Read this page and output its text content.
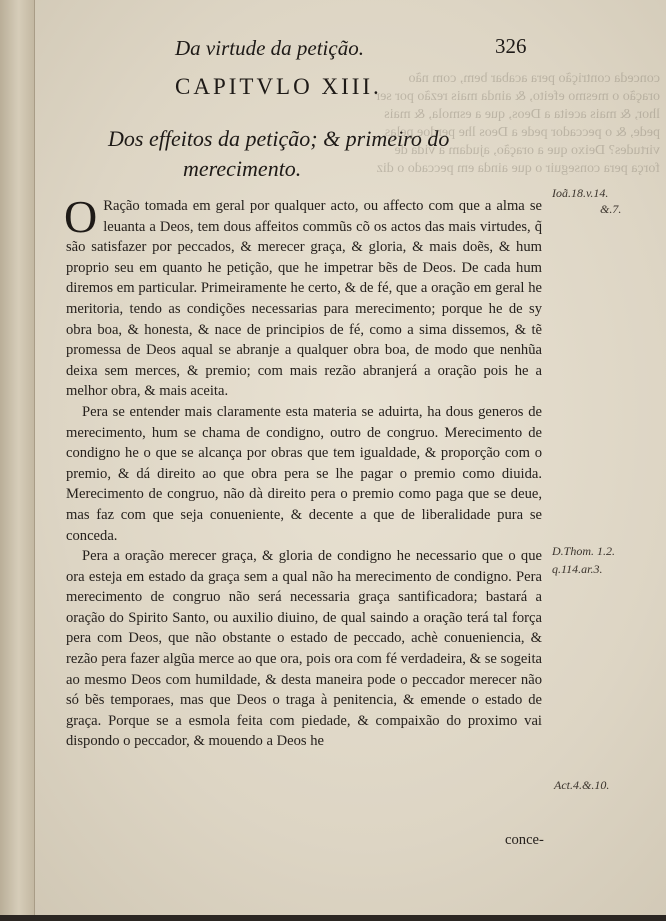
conceda contrição pera acabar bem, com não
oração o mesmo efeito, & ainda mais rezão por ser
lhor, & mais aceita a Deos, que a esmola, & mais
pede, & o peccador pede a Deos lhe perdoe pelas
virtudes? Deixo que a oração, ajudam a vida de
força pera conseguir o que ainda em peccado o diz
Da virtude da petição.	326
CAPITVLO XIII.
Dos effeitos da petição; & primeiro do
merecimento.

O Ração tomada em geral por qualquer acto, ou affecto com que a alma se leuanta a Deos, tem dous affeitos commũs cõ os actos das mais virtudes, q̃ são satisfazer por peccados, & merecer graça, & gloria, & mais doẽs, & hum proprio seu em quanto he petição, que he impetrar bẽs de Deos. De cada hum diremos em particular. Primeiramente he certo, & de fé, que a oração em geral he meritoria, tendo as condições necessarias para merecimento; porque he de sy obra boa, & honesta, & nace de principios de fé, como a sima dissemos, & tẽ promessa de Deos aqual se abranje a qualquer obra boa, de modo que nenhũa deixa sem merces, & premio; com mais rezão abranjerá a oração pois he a melhor obra, & mais aceita.

Pera se entender mais claramente esta materia se aduirta, ha dous generos de merecimento, hum se chama de condigno, outro de congruo. Merecimento de condigno he o que se alcança por obras que tem igualdade, & proporção com o premio, & dá direito ao que obra pera se lhe pagar o premio como diuida. Merecimento de congruo, não dà direito pera o premio como paga que se deue, mas faz com que seja conueniente, & decente a que de liberalidade pura se conceda.

Pera a oração merecer graça, & gloria de condigno he necessario que o que ora esteja em estado da graça sem a qual não ha merecimento de condigno. Pera merecimento de congruo não será necessaria graça santificadora; bastará a oração do Spirito Santo, ou auxilio diuino, de qual saindo a oração terá tal força pera com Deos, que não obstante o estado de peccado, achè conueniencia, & rezão pera fazer algũa merce ao que ora, pois ora com fé verdadeira, & se sogeita ao mesmo Deos com humildade, & desta maneira pode o peccador merecer não só bẽs temporaes, mas que Deos o traga à penitencia, & emende o estado de graça. Porque se a esmola feita com piedade, & compaixão do proximo vai dispondo o peccador, & mouendo a Deos he

Ioã.18.v.14.
&.7.
D.Thom. 1.2.
q.114.ar.3.
Act.4.&.10.
conce-
